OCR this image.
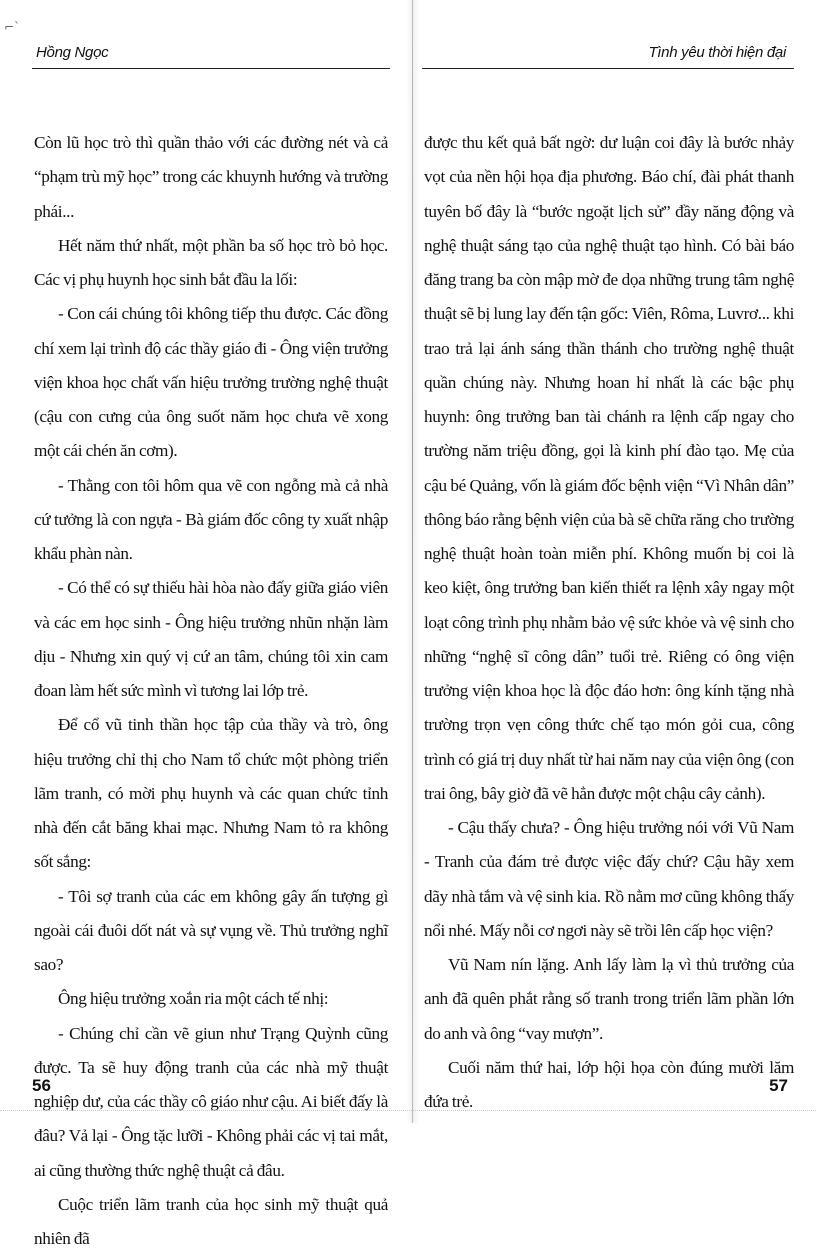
⌐ˋ
Hồng Ngọc

Còn lũ học trò thì quần thảo với các đường nét và cả “phạm trù mỹ học” trong các khuynh hướng và trường phái...

Hết năm thứ nhất, một phần ba số học trò bỏ học. Các vị phụ huynh học sinh bắt đầu la lối:

- Con cái chúng tôi không tiếp thu được. Các đồng chí xem lại trình độ các thầy giáo đi - Ông viện trưởng viện khoa học chất vấn hiệu trưởng trường nghệ thuật (cậu con cưng của ông suốt năm học chưa vẽ xong một cái chén ăn cơm).

- Thằng con tôi hôm qua vẽ con ngỗng mà cả nhà cứ tưởng là con ngựa - Bà giám đốc công ty xuất nhập khẩu phàn nàn.

- Có thể có sự thiếu hài hòa nào đấy giữa giáo viên và các em học sinh - Ông hiệu trưởng nhũn nhặn làm dịu - Nhưng xin quý vị cứ an tâm, chúng tôi xin cam đoan làm hết sức mình vì tương lai lớp trẻ.

Để cổ vũ tinh thần học tập của thầy và trò, ông hiệu trưởng chỉ thị cho Nam tổ chức một phòng triển lãm tranh, có mời phụ huynh và các quan chức tỉnh nhà đến cắt băng khai mạc. Nhưng Nam tỏ ra không sốt sắng:

- Tôi sợ tranh của các em không gây ấn tượng gì ngoài cái đuôi dốt nát và sự vụng về. Thủ trưởng nghĩ sao?

Ông hiệu trưởng xoắn ria một cách tế nhị:

- Chúng chỉ cần vẽ giun như Trạng Quỳnh cũng được. Ta sẽ huy động tranh của các nhà mỹ thuật nghiệp dư, của các thầy cô giáo như cậu. Ai biết đấy là đâu? Vả lại - Ông tặc lưỡi - Không phải các vị tai mắt, ai cũng thường thức nghệ thuật cả đâu.

Cuộc triển lãm tranh của học sinh mỹ thuật quả nhiên đã

56
Tình yêu thời hiện đại

được thu kết quả bất ngờ: dư luận coi đây là bước nhảy vọt của nền hội họa địa phương. Báo chí, đài phát thanh tuyên bố đây là “bước ngoặt lịch sử” đầy năng động và nghệ thuật sáng tạo của nghệ thuật tạo hình. Có bài báo đăng trang ba còn mập mờ đe dọa những trung tâm nghệ thuật sẽ bị lung lay đến tận gốc: Viên, Rôma, Luvrơ... khi trao trả lại ánh sáng thần thánh cho trường nghệ thuật quần chúng này. Nhưng hoan hỉ nhất là các bậc phụ huynh: ông trưởng ban tài chánh ra lệnh cấp ngay cho trường năm triệu đồng, gọi là kinh phí đào tạo. Mẹ của cậu bé Quảng, vốn là giám đốc bệnh viện “Vì Nhân dân” thông báo rằng bệnh viện của bà sẽ chữa răng cho trường nghệ thuật hoàn toàn miễn phí. Không muốn bị coi là keo kiệt, ông trưởng ban kiến thiết ra lệnh xây ngay một loạt công trình phụ nhằm bảo vệ sức khỏe và vệ sinh cho những “nghệ sĩ công dân” tuổi trẻ. Riêng có ông viện trưởng viện khoa học là độc đáo hơn: ông kính tặng nhà trường trọn vẹn công thức chế tạo món gỏi cua, công trình có giá trị duy nhất từ hai năm nay của viện ông (con trai ông, bây giờ đã vẽ hẳn được một chậu cây cảnh).

- Cậu thấy chưa? - Ông hiệu trưởng nói với Vũ Nam - Tranh của đám trẻ được việc đấy chứ? Cậu hãy xem dãy nhà tắm và vệ sinh kia. Rồ nằm mơ cũng không thấy nổi nhé. Mấy nỗi cơ ngơi này sẽ trồi lên cấp học viện?

Vũ Nam nín lặng. Anh lấy làm lạ vì thủ trưởng của anh đã quên phắt rằng số tranh trong triển lãm phần lớn do anh và ông “vay mượn”.

Cuối năm thứ hai, lớp hội họa còn đúng mười lăm đứa trẻ.

57
